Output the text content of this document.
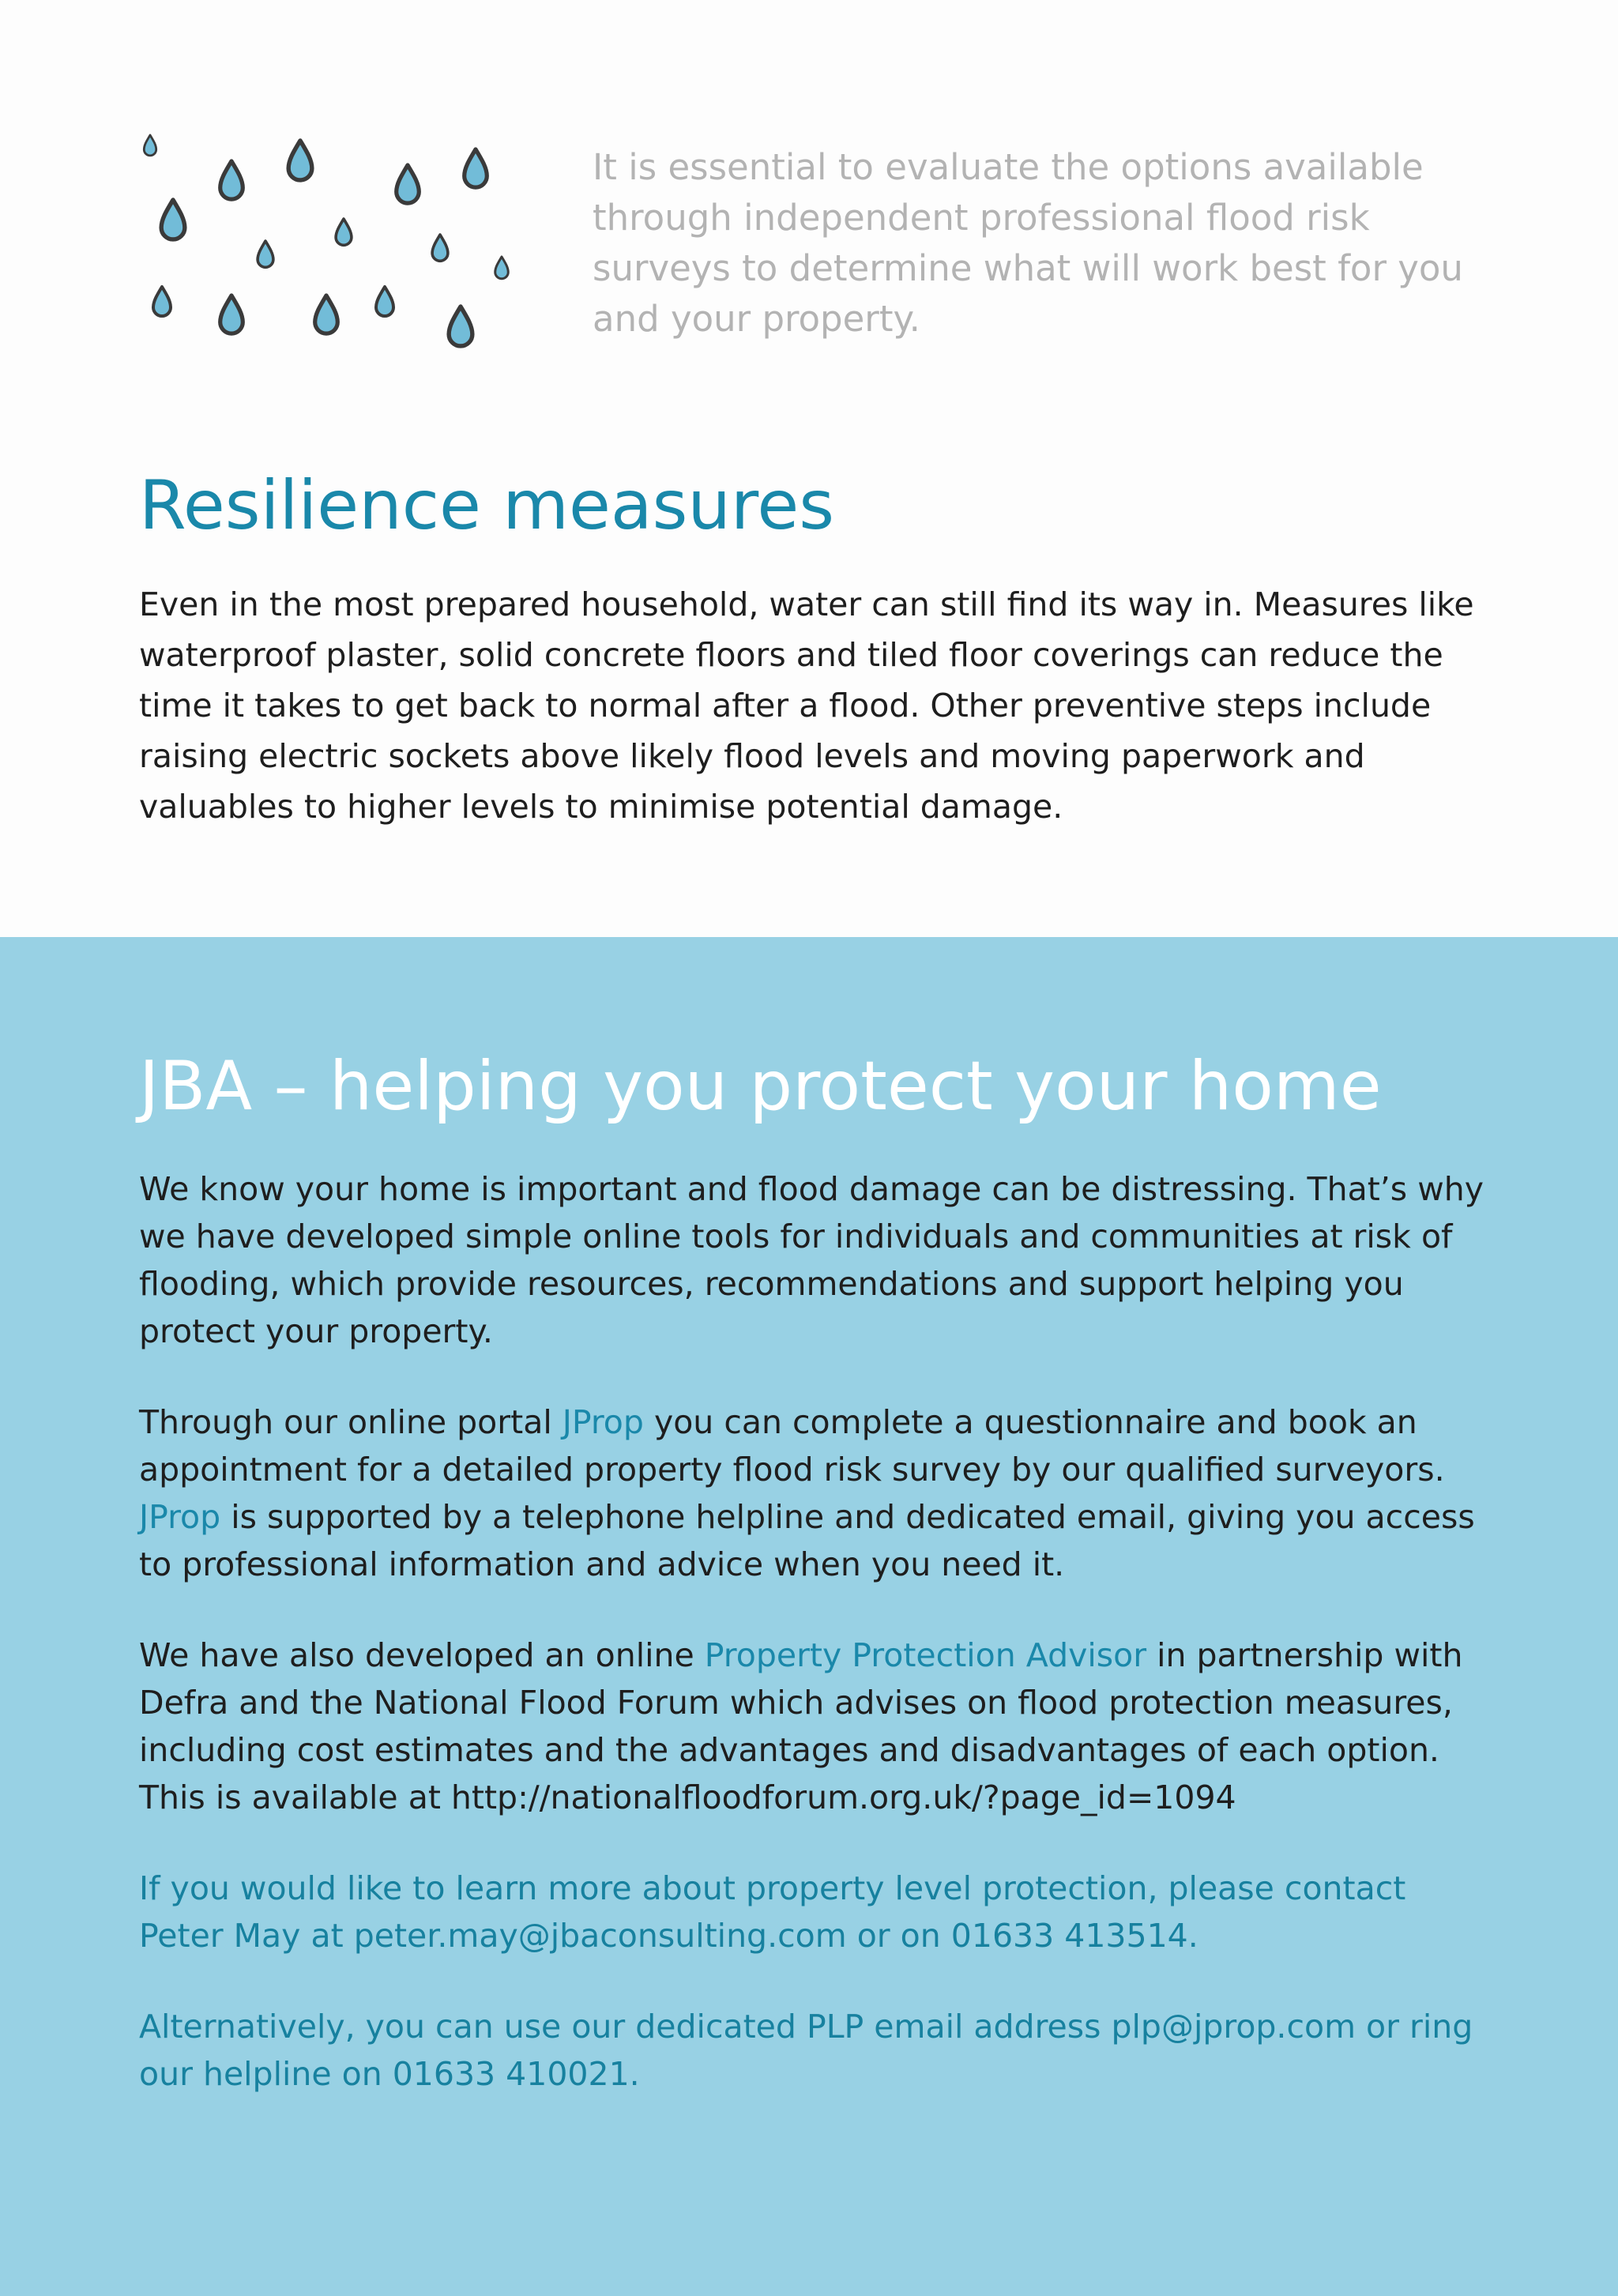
It is essential to evaluate the options available through independent professional flood risk surveys to determine what will work best for you and your property.

Resilience measures

Even in the most prepared household, water can still find its way in. Measures like waterproof plaster, solid concrete floors and tiled floor coverings can reduce the time it takes to get back to normal after a flood. Other preventive steps include raising electric sockets above likely flood levels and moving paperwork and valuables to higher levels to minimise potential damage.

JBA – helping you protect your home

We know your home is important and flood damage can be distressing. That’s why we have developed simple online tools for individuals and communities at risk of flooding, which provide resources, recommendations and support helping you protect your property.

Through our online portal JProp you can complete a questionnaire and book an appointment for a detailed property flood risk survey by our qualified surveyors. JProp is supported by a telephone helpline and dedicated email, giving you access to professional information and advice when you need it.

We have also developed an online Property Protection Advisor in partnership with Defra and the National Flood Forum which advises on flood protection measures, including cost estimates and the advantages and disadvantages of each option. This is available at http://nationalfloodforum.org.uk/?page_id=1094

If you would like to learn more about property level protection, please contact Peter May at peter.may@jbaconsulting.com or on 01633 413514.

Alternatively, you can use our dedicated PLP email address plp@jprop.com or ring our helpline on 01633 410021.
